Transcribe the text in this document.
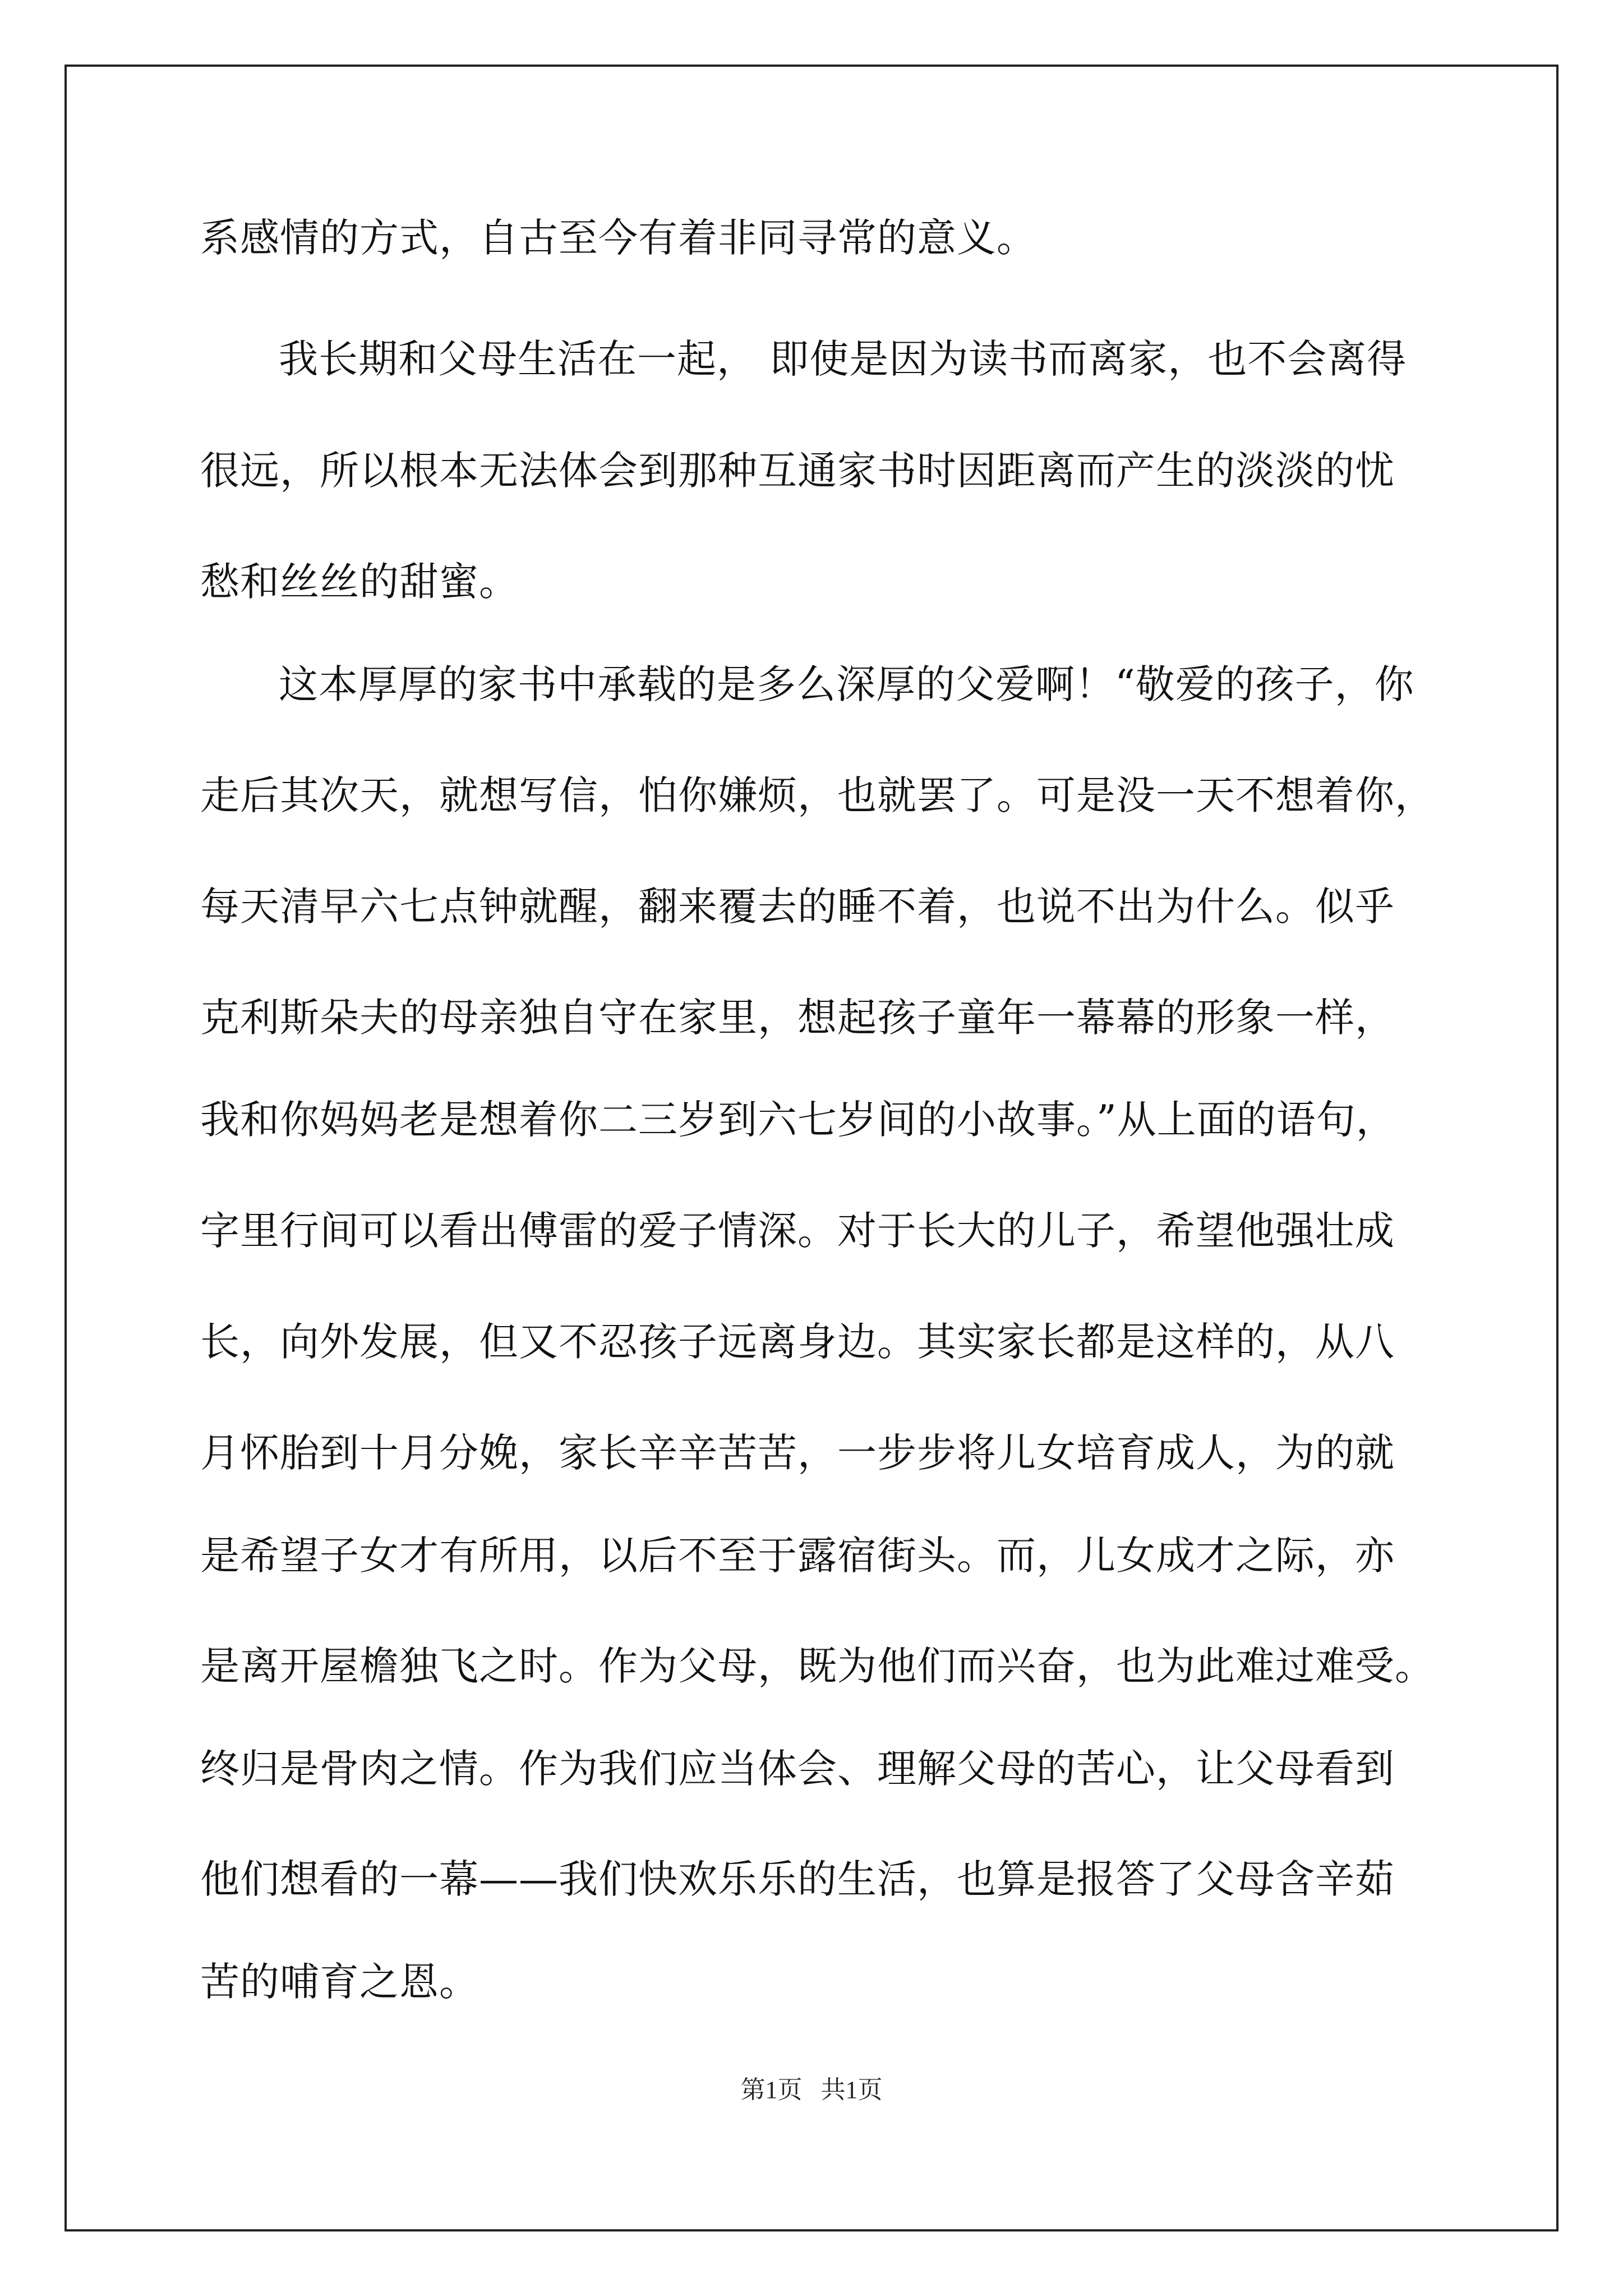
系感情的方式，自古至今有着非同寻常的意义。
我长期和父母生活在一起， 即使是因为读书而离家，也不会离得
很远，所以根本无法体会到那种互通家书时因距离而产生的淡淡的忧
愁和丝丝的甜蜜。
这本厚厚的家书中承载的是多么深厚的父爱啊！“敬爱的孩子，你
走后其次天，就想写信，怕你嫌烦，也就罢了。可是没一天不想着你，
每天清早六七点钟就醒，翻来覆去的睡不着，也说不出为什么。似乎
克利斯朵夫的母亲独自守在家里，想起孩子童年一幕幕的形象一样，
我和你妈妈老是想着你二三岁到六七岁间的小故事。”从上面的语句，
字里行间可以看出傅雷的爱子情深。对于长大的儿子，希望他强壮成
长，向外发展，但又不忍孩子远离身边。其实家长都是这样的，从八
月怀胎到十月分娩，家长辛辛苦苦，一步步将儿女培育成人，为的就
是希望子女才有所用，以后不至于露宿街头。而，儿女成才之际，亦
是离开屋檐独飞之时。作为父母，既为他们而兴奋，也为此难过难受。
终归是骨肉之情。作为我们应当体会、理解父母的苦心，让父母看到
他们想看的一幕——我们快欢乐乐的生活，也算是报答了父母含辛茹
苦的哺育之恩。
第1页 共1页
